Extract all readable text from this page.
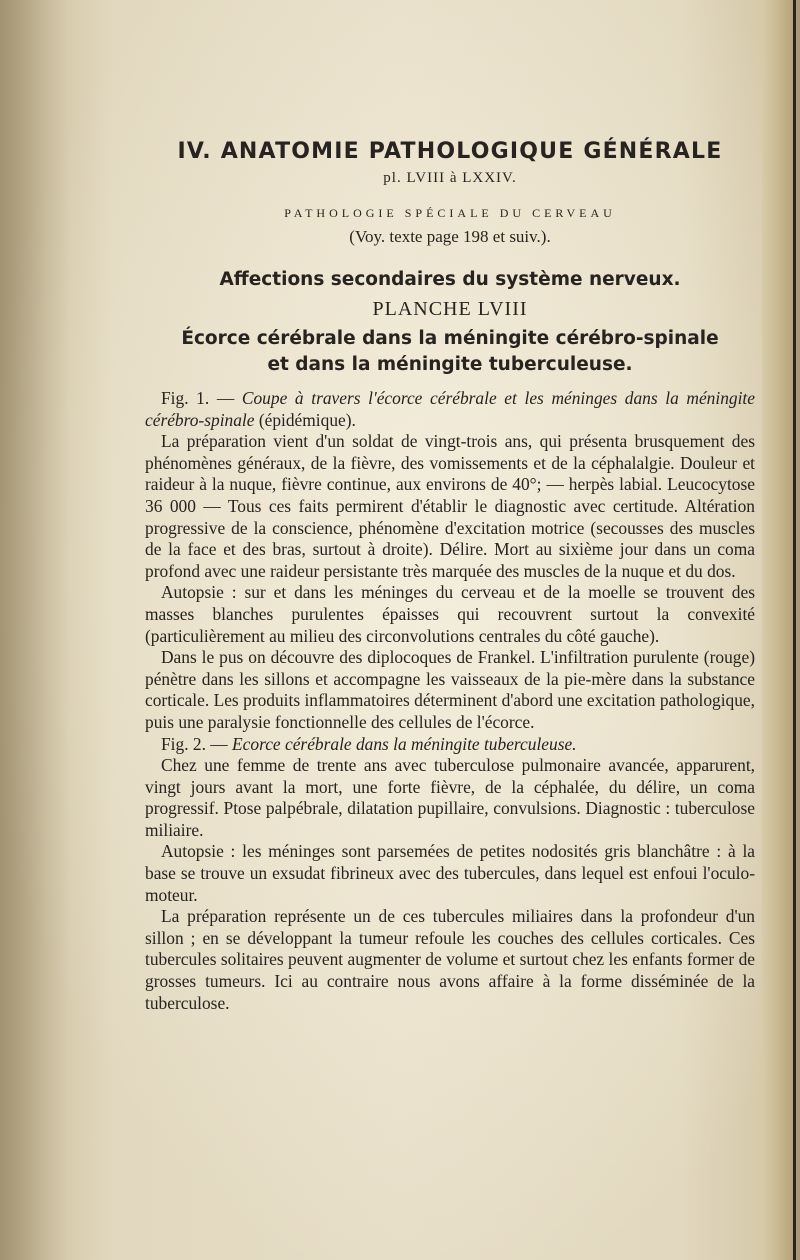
IV. ANATOMIE PATHOLOGIQUE GÉNÉRALE
pl. LVIII à LXXIV.
PATHOLOGIE SPÉCIALE DU CERVEAU
(Voy. texte page 198 et suiv.).
Affections secondaires du système nerveux.
PLANCHE LVIII
Écorce cérébrale dans la méningite cérébro-spinale
et dans la méningite tuberculeuse.

Fig. 1. — Coupe à travers l'écorce cérébrale et les méninges dans la méningite cérébro-spinale (épidémique).

La préparation vient d'un soldat de vingt-trois ans, qui présenta brusquement des phénomènes généraux, de la fièvre, des vomissements et de la céphalalgie. Douleur et raideur à la nuque, fièvre continue, aux environs de 40°; — herpès labial. Leucocytose 36 000 — Tous ces faits permirent d'établir le diagnostic avec certitude. Altération progressive de la conscience, phénomène d'excitation motrice (secousses des muscles de la face et des bras, surtout à droite). Délire. Mort au sixième jour dans un coma profond avec une raideur persistante très marquée des muscles de la nuque et du dos.

Autopsie : sur et dans les méninges du cerveau et de la moelle se trouvent des masses blanches purulentes épaisses qui recouvrent surtout la convexité (particulièrement au milieu des circonvolutions centrales du côté gauche).

Dans le pus on découvre des diplocoques de Frankel. L'infiltration purulente (rouge) pénètre dans les sillons et accompagne les vaisseaux de la pie-mère dans la substance corticale. Les produits inflammatoires déterminent d'abord une excitation pathologique, puis une paralysie fonctionnelle des cellules de l'écorce.

Fig. 2. — Ecorce cérébrale dans la méningite tuberculeuse.

Chez une femme de trente ans avec tuberculose pulmonaire avancée, apparurent, vingt jours avant la mort, une forte fièvre, de la céphalée, du délire, un coma progressif. Ptose palpébrale, dilatation pupillaire, convulsions. Diagnostic : tuberculose miliaire.

Autopsie : les méninges sont parsemées de petites nodosités gris blanchâtre : à la base se trouve un exsudat fibrineux avec des tubercules, dans lequel est enfoui l'oculo-moteur.

La préparation représente un de ces tubercules miliaires dans la profondeur d'un sillon ; en se développant la tumeur refoule les couches des cellules corticales. Ces tubercules solitaires peuvent augmenter de volume et surtout chez les enfants former de grosses tumeurs. Ici au contraire nous avons affaire à la forme disséminée de la tuberculose.
